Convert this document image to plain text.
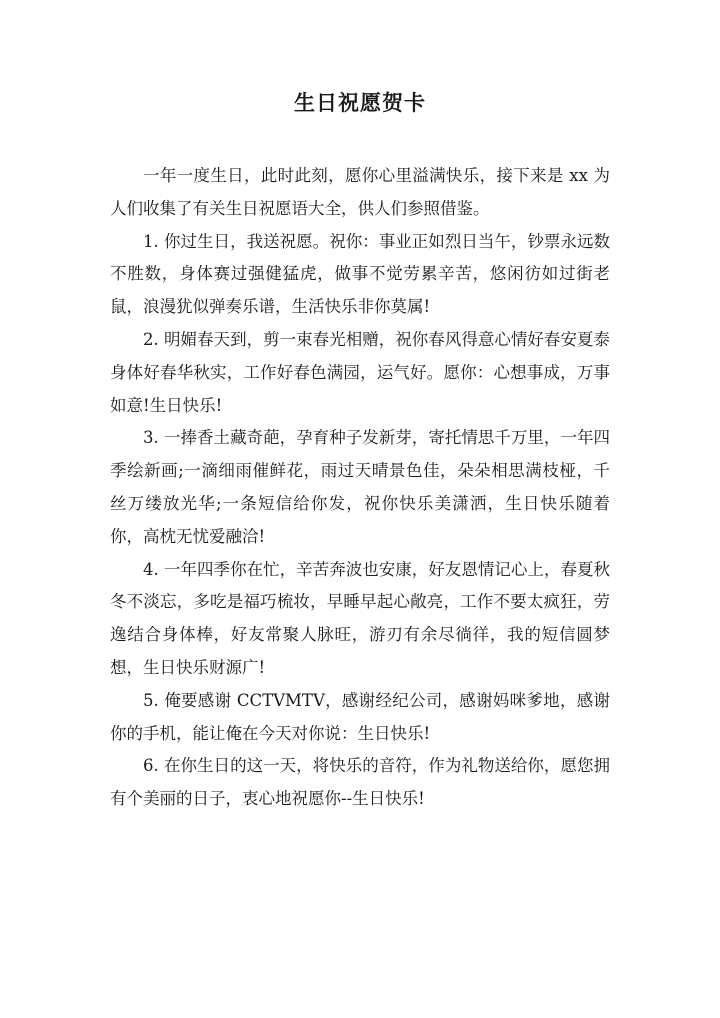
生日祝愿贺卡

一年一度生日，此时此刻，愿你心里溢满快乐，接下来是 xx 为人们收集了有关生日祝愿语大全，供人们参照借鉴。

1. 你过生日，我送祝愿。祝你：事业正如烈日当午，钞票永远数不胜数，身体赛过强健猛虎，做事不觉劳累辛苦，悠闲彷如过街老鼠，浪漫犹似弹奏乐谱，生活快乐非你莫属!

2. 明媚春天到，剪一束春光相赠，祝你春风得意心情好春安夏泰身体好春华秋实，工作好春色满园，运气好。愿你：心想事成，万事如意!生日快乐!

3. 一捧香土藏奇葩，孕育种子发新芽，寄托情思千万里，一年四季绘新画;一滴细雨催鲜花，雨过天晴景色佳，朵朵相思满枝桠，千丝万缕放光华;一条短信给你发，祝你快乐美潇洒，生日快乐随着你，高枕无忧爱融洽!

4. 一年四季你在忙，辛苦奔波也安康，好友恩情记心上，春夏秋冬不淡忘，多吃是福巧梳妆，早睡早起心敞亮，工作不要太疯狂，劳逸结合身体棒，好友常聚人脉旺，游刃有余尽徜徉，我的短信圆梦想，生日快乐财源广!

5. 俺要感谢 CCTVMTV，感谢经纪公司，感谢妈咪爹地，感谢你的手机，能让俺在今天对你说：生日快乐!

6. 在你生日的这一天，将快乐的音符，作为礼物送给你，愿您拥有个美丽的日子，衷心地祝愿你--生日快乐!
